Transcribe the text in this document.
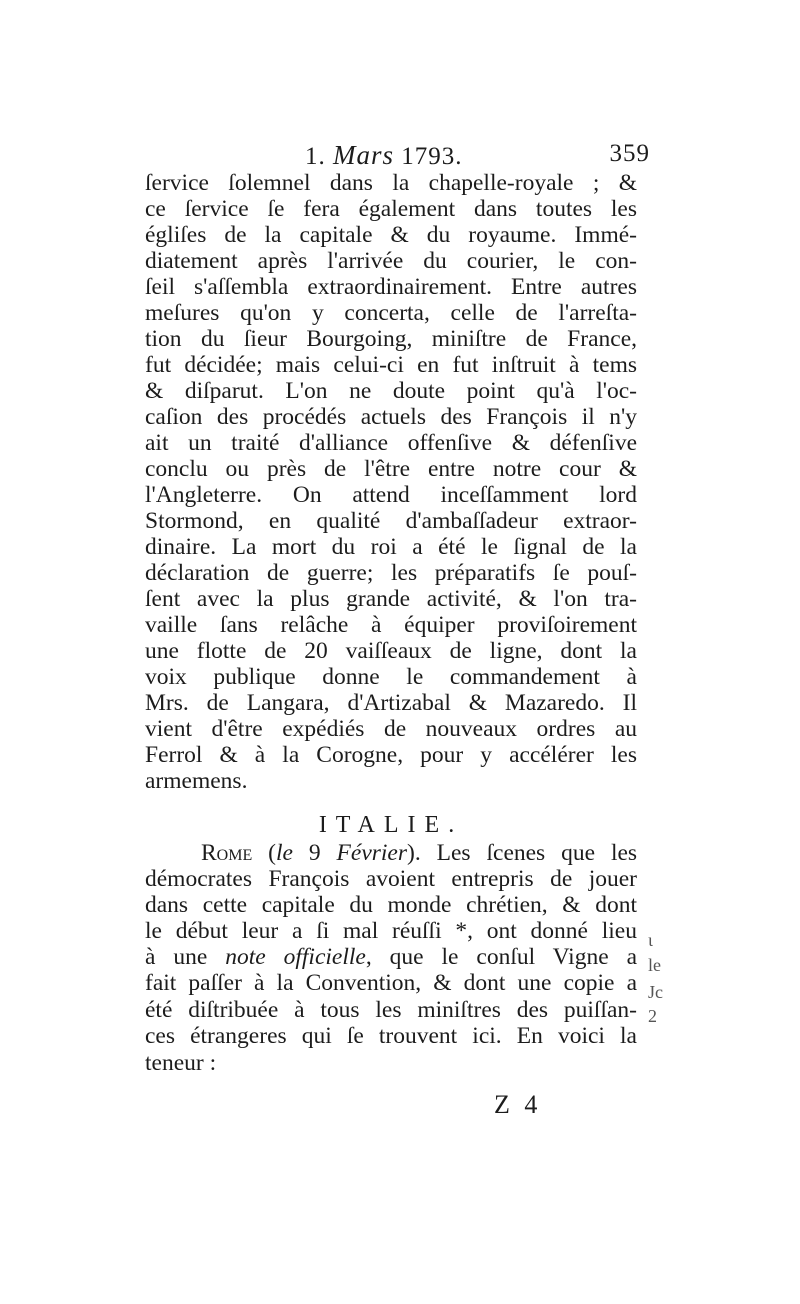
1. Mars 1793.	359
ſervice ſolemnel dans la chapelle-royale ; &
ce ſervice ſe fera également dans toutes les
égliſes de la capitale & du royaume. Immé-
diatement après l'arrivée du courier, le con-
ſeil s'aſſembla extraordinairement. Entre autres
meſures qu'on y concerta, celle de l'arreſta-
tion du ſieur Bourgoing, miniſtre de France,
fut décidée; mais celui-ci en fut inſtruit à tems
& diſparut. L'on ne doute point qu'à l'oc-
caſion des procédés actuels des François il n'y
ait un traité d'alliance offenſive & défenſive
conclu ou près de l'être entre notre cour &
l'Angleterre. On attend inceſſamment lord
Stormond, en qualité d'ambaſſadeur extraor-
dinaire. La mort du roi a été le ſignal de la
déclaration de guerre; les préparatifs ſe pouſ-
ſent avec la plus grande activité, & l'on tra-
vaille ſans relâche à équiper proviſoirement
une flotte de 20 vaiſſeaux de ligne, dont la
voix publique donne le commandement à
Mrs. de Langara, d'Artizabal & Mazaredo. Il
vient d'être expédiés de nouveaux ordres au
Ferrol & à la Corogne, pour y accélérer les
armemens.
ITALIE.
Rome (le 9 Février). Les ſcenes que les
démocrates François avoient entrepris de jouer
dans cette capitale du monde chrétien, & dont
le début leur a ſi mal réuſſi *, ont donné lieu
à une note officielle, que le conſul Vigne a
fait paſſer à la Convention, & dont une copie a
été diſtribuée à tous les miniſtres des puiſſan-
ces étrangeres qui ſe trouvent ici. En voici la
teneur :
ɩ
le
Jc
2
Z 4
